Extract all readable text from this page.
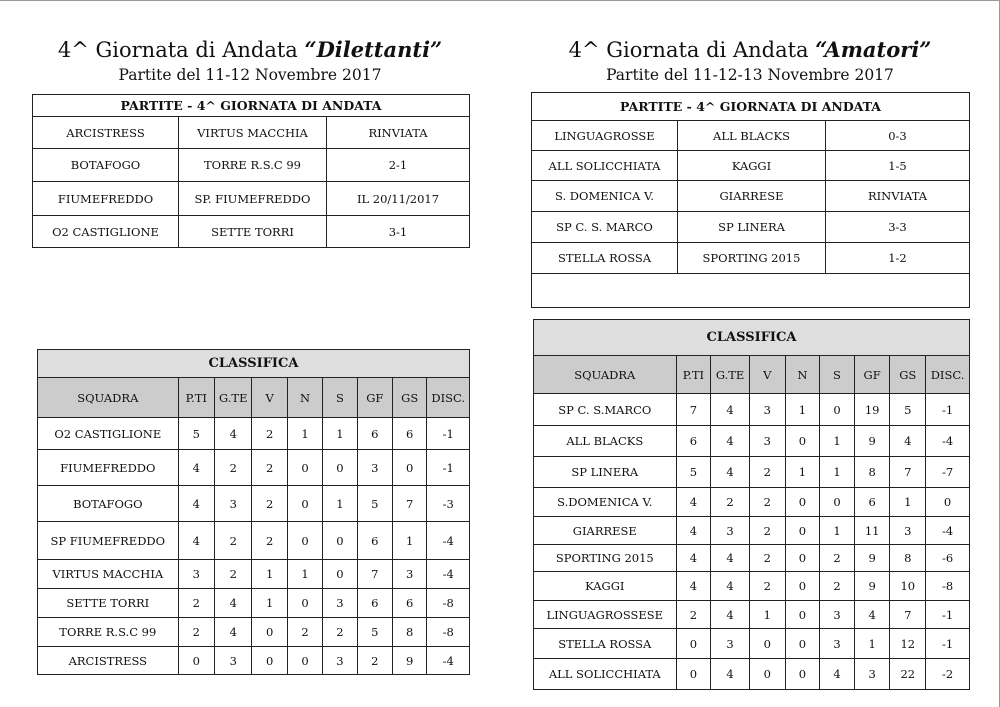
4^ Giornata di Andata “Dilettanti”
Partite del 11-12 Novembre 2017
PARTITE - 4^ GIORNATA DI ANDATA		
ARCISTRESS	VIRTUS MACCHIA	RINVIATA
BOTAFOGO	TORRE R.S.C 99	2-1
FIUMEFREDDO	SP. FIUMEFREDDO	IL 20/11/2017
O2 CASTIGLIONE	SETTE TORRI	3-1
CLASSIFICA								
SQUADRA	P.TI	G.TE	V	N	S	GF	GS	DISC.
O2 CASTIGLIONE	5	4	2	1	1	6	6	-1
FIUMEFREDDO	4	2	2	0	0	3	0	-1
BOTAFOGO	4	3	2	0	1	5	7	-3
SP FIUMEFREDDO	4	2	2	0	0	6	1	-4
VIRTUS MACCHIA	3	2	1	1	0	7	3	-4
SETTE TORRI	2	4	1	0	3	6	6	-8
TORRE R.S.C 99	2	4	0	2	2	5	8	-8
ARCISTRESS	0	3	0	0	3	2	9	-4
4^ Giornata di Andata “Amatori”
Partite del 11-12-13 Novembre 2017
PARTITE - 4^ GIORNATA DI ANDATA		
LINGUAGROSSE	ALL BLACKS	0-3
ALL SOLICCHIATA	KAGGI	1-5
S. DOMENICA V.	GIARRESE	RINVIATA
SP C. S. MARCO	SP LINERA	3-3
STELLA ROSSA	SPORTING 2015	1-2

CLASSIFICA								
SQUADRA	P.TI	G.TE	V	N	S	GF	GS	DISC.
SP C. S.MARCO	7	4	3	1	0	19	5	-1
ALL BLACKS	6	4	3	0	1	9	4	-4
SP LINERA	5	4	2	1	1	8	7	-7
S.DOMENICA V.	4	2	2	0	0	6	1	0
GIARRESE	4	3	2	0	1	11	3	-4
SPORTING 2015	4	4	2	0	2	9	8	-6
KAGGI	4	4	2	0	2	9	10	-8
LINGUAGROSSESE	2	4	1	0	3	4	7	-1
STELLA ROSSA	0	3	0	0	3	1	12	-1
ALL SOLICCHIATA	0	4	0	0	4	3	22	-2
